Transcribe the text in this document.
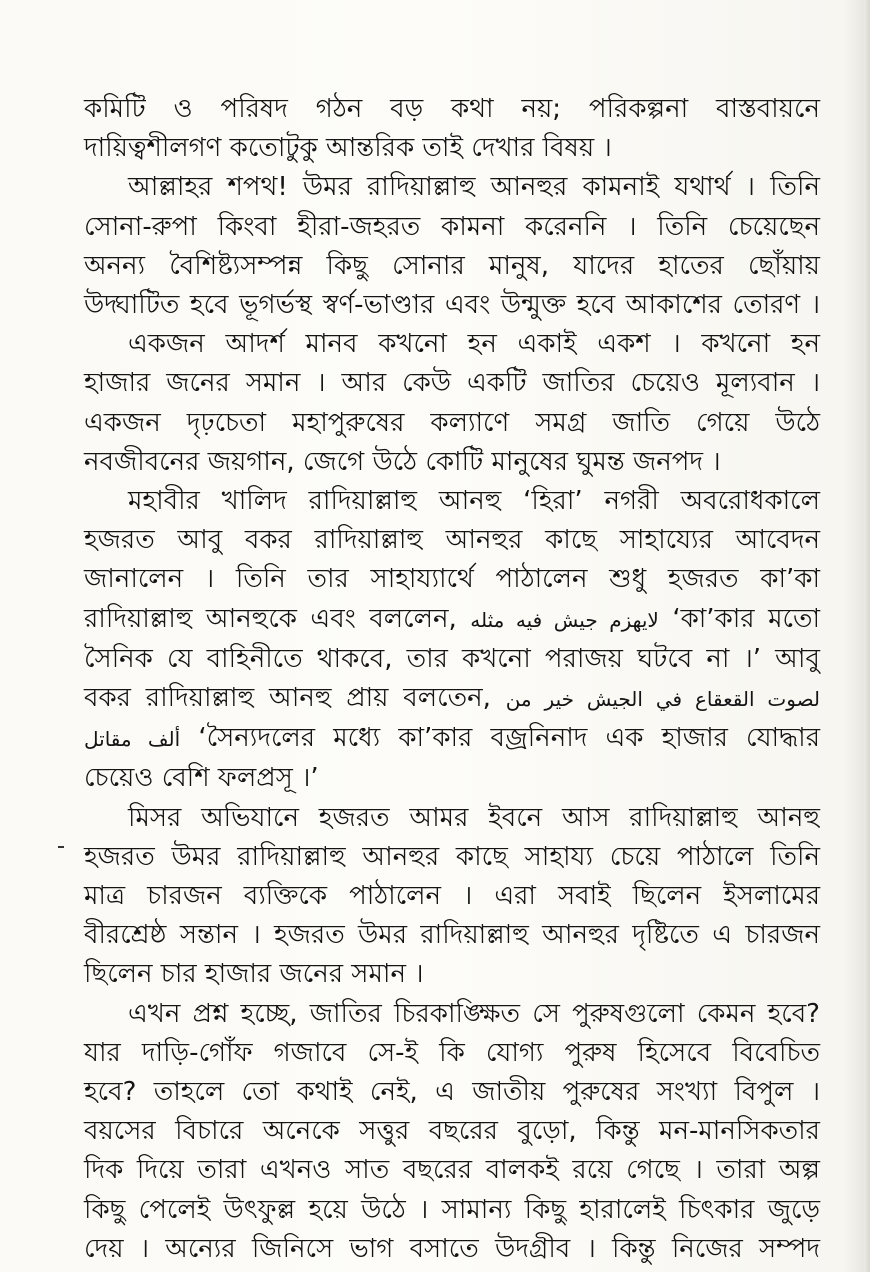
কমিটি ও পরিষদ গঠন বড় কথা নয়; পরিকল্পনা বাস্তবায়নে
দায়িত্বশীলগণ কতোটুকু আন্তরিক তাই দেখার বিষয় ।
আল্লাহর শপথ! উমর রাদিয়াল্লাহু আনহুর কামনাই যথার্থ । তিনি
সোনা-রুপা কিংবা হীরা-জহরত কামনা করেননি । তিনি চেয়েছেন
অনন্য বৈশিষ্ট্যসম্পন্ন কিছু সোনার মানুষ, যাদের হাতের ছোঁয়ায়
উদ্ঘাটিত হবে ভূগর্ভস্থ স্বর্ণ-ভাণ্ডার এবং উন্মুক্ত হবে আকাশের তোরণ ।
একজন আদর্শ মানব কখনো হন একাই একশ । কখনো হন
হাজার জনের সমান । আর কেউ একটি জাতির চেয়েও মূল্যবান ।
একজন দৃঢ়চেতা মহাপুরুষের কল্যাণে সমগ্র জাতি গেয়ে উঠে
নবজীবনের জয়গান, জেগে উঠে কোটি মানুষের ঘুমন্ত জনপদ ।
মহাবীর খালিদ রাদিয়াল্লাহু আনহু ‘হিরা’ নগরী অবরোধকালে
হজরত আবু বকর রাদিয়াল্লাহু আনহুর কাছে সাহায্যের আবেদন
জানালেন । তিনি তার সাহায্যার্থে পাঠালেন শুধু হজরত কা’কা
রাদিয়াল্লাহু আনহুকে এবং বললেন, لايهزم جيش فيه مثله ‘কা’কার মতো
সৈনিক যে বাহিনীতে থাকবে, তার কখনো পরাজয় ঘটবে না ।’ আবু
বকর রাদিয়াল্লাহু আনহু প্রায় বলতেন, لصوت القعقاع في الجيش خير من
ألف مقاتل ‘সৈন্যদলের মধ্যে কা’কার বজ্রনিনাদ এক হাজার যোদ্ধার
চেয়েও বেশি ফলপ্রসূ ।’
মিসর অভিযানে হজরত আমর ইবনে আস রাদিয়াল্লাহু আনহু
হজরত উমর রাদিয়াল্লাহু আনহুর কাছে সাহায্য চেয়ে পাঠালে তিনি
মাত্র চারজন ব্যক্তিকে পাঠালেন । এরা সবাই ছিলেন ইসলামের
বীরশ্রেষ্ঠ সন্তান । হজরত উমর রাদিয়াল্লাহু আনহুর দৃষ্টিতে এ চারজন
ছিলেন চার হাজার জনের সমান ।
এখন প্রশ্ন হচ্ছে, জাতির চিরকাঙ্ক্ষিত সে পুরুষগুলো কেমন হবে?
যার দাড়ি-গোঁফ গজাবে সে-ই কি যোগ্য পুরুষ হিসেবে বিবেচিত
হবে? তাহলে তো কথাই নেই, এ জাতীয় পুরুষের সংখ্যা বিপুল ।
বয়সের বিচারে অনেকে সত্তুর বছরের বুড়ো, কিন্তু মন-মানসিকতার
দিক দিয়ে তারা এখনও সাত বছরের বালকই রয়ে গেছে । তারা অল্প
কিছু পেলেই উৎফুল্ল হয়ে উঠে । সামান্য কিছু হারালেই চিৎকার জুড়ে
দেয় । অন্যের জিনিসে ভাগ বসাতে উদগ্রীব । কিন্তু নিজের সম্পদ
